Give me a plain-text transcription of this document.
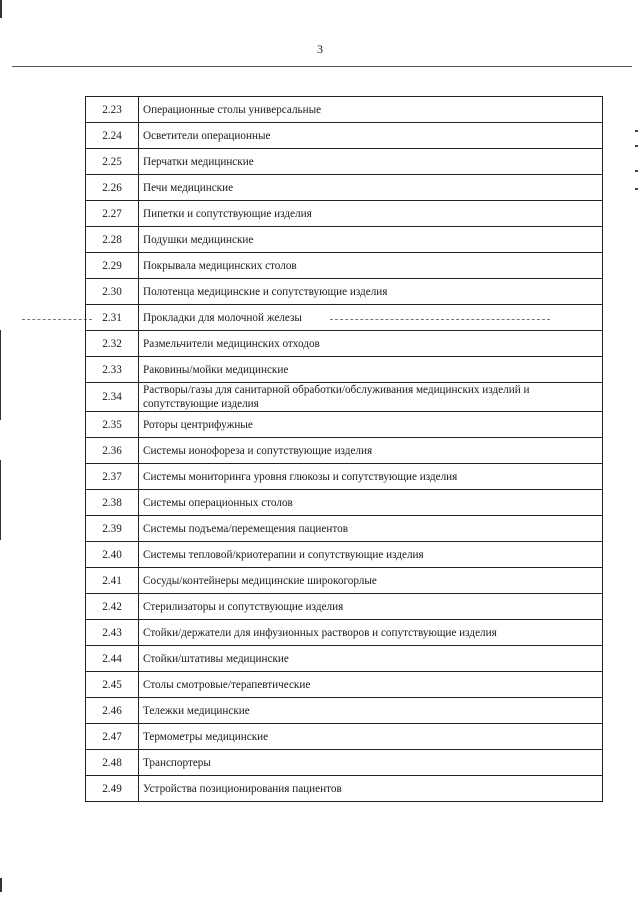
3
2.23	Операционные столы универсальные
2.24	Осветители операционные
2.25	Перчатки медицинские
2.26	Печи медицинские
2.27	Пипетки и сопутствующие изделия
2.28	Подушки медицинские
2.29	Покрывала медицинских столов
2.30	Полотенца медицинские и сопутствующие изделия
2.31	Прокладки для молочной железы
2.32	Размельчители медицинских отходов
2.33	Раковины/мойки медицинские
2.34	Растворы/газы для санитарной обработки/обслуживания медицинских изделий и сопутствующие изделия
2.35	Роторы центрифужные
2.36	Системы ионофореза и сопутствующие изделия
2.37	Системы мониторинга уровня глюкозы и сопутствующие изделия
2.38	Системы операционных столов
2.39	Системы подъема/перемещения пациентов
2.40	Системы тепловой/криотерапии и сопутствующие изделия
2.41	Сосуды/контейнеры медицинские широкогорлые
2.42	Стерилизаторы и сопутствующие изделия
2.43	Стойки/держатели для инфузионных растворов и сопутствующие изделия
2.44	Стойки/штативы медицинские
2.45	Столы смотровые/терапевтические
2.46	Тележки медицинские
2.47	Термометры медицинские
2.48	Транспортеры
2.49	Устройства позиционирования пациентов
